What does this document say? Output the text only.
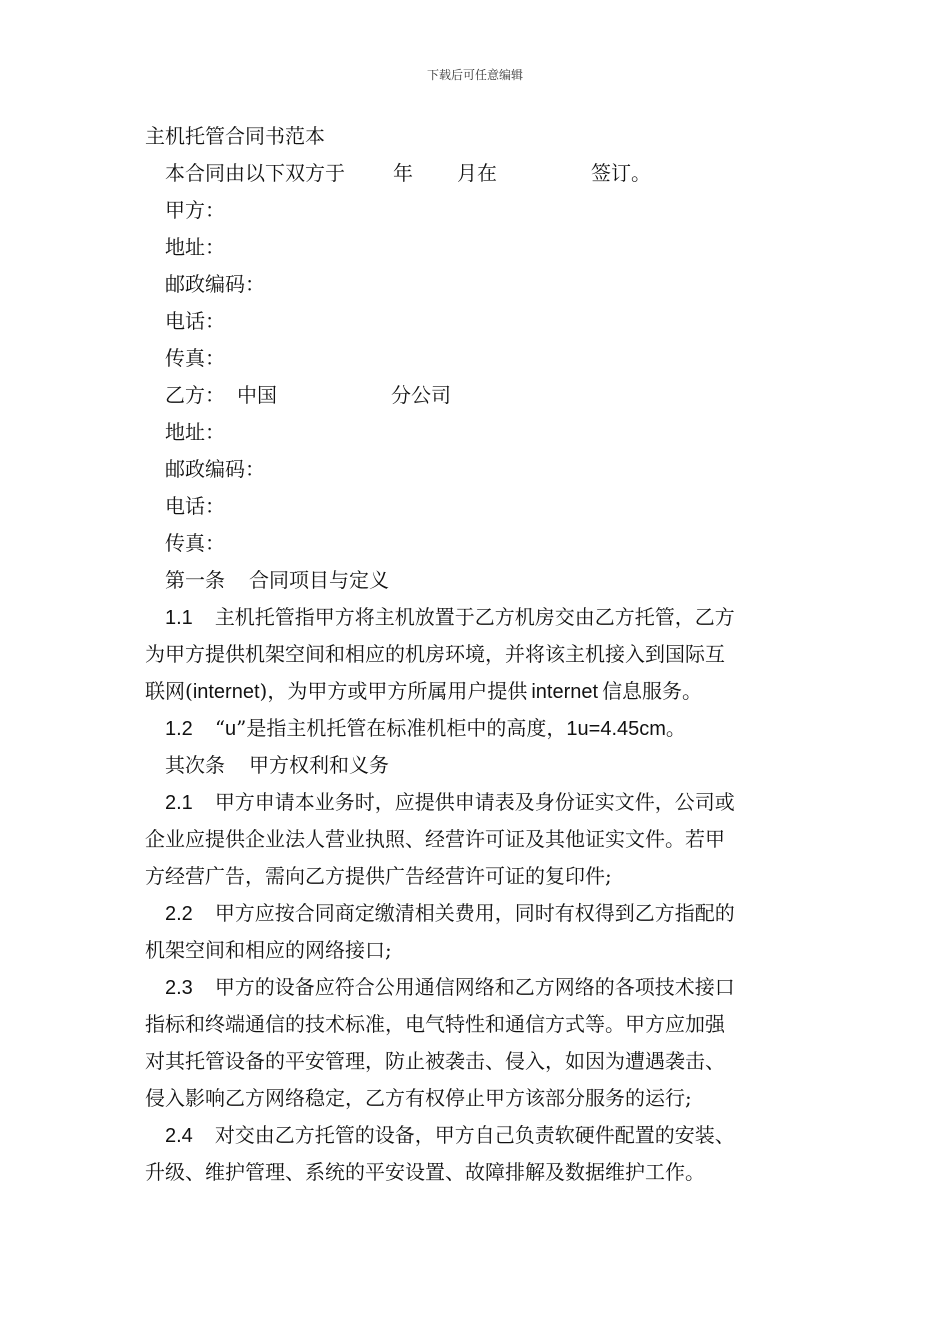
下载后可任意编辑
主机托管合同书范本
本合同由以下双方于 年 月在	签订。
甲方：
地址：
邮政编码：
电话：
传真：
乙方： 中国	分公司
地址：
邮政编码：
电话：
传真：
第一条 合同项目与定义
1.1 主机托管指甲方将主机放置于乙方机房交由乙方托管，乙方
为甲方提供机架空间和相应的机房环境，并将该主机接入到国际互
联网(internet)，为甲方或甲方所属用户提供 internet 信息服务。
1.2 “u”是指主机托管在标准机柜中的高度，1u=4.45cm。
其次条 甲方权利和义务
2.1 甲方申请本业务时，应提供申请表及身份证实文件，公司或
企业应提供企业法人营业执照、经营许可证及其他证实文件。若甲
方经营广告，需向乙方提供广告经营许可证的复印件;
2.2 甲方应按合同商定缴清相关费用，同时有权得到乙方指配的
机架空间和相应的网络接口;
2.3 甲方的设备应符合公用通信网络和乙方网络的各项技术接口
指标和终端通信的技术标准，电气特性和通信方式等。甲方应加强
对其托管设备的平安管理，防止被袭击、侵入，如因为遭遇袭击、
侵入影响乙方网络稳定，乙方有权停止甲方该部分服务的运行;
2.4 对交由乙方托管的设备，甲方自己负责软硬件配置的安装、
升级、维护管理、系统的平安设置、故障排解及数据维护工作。
